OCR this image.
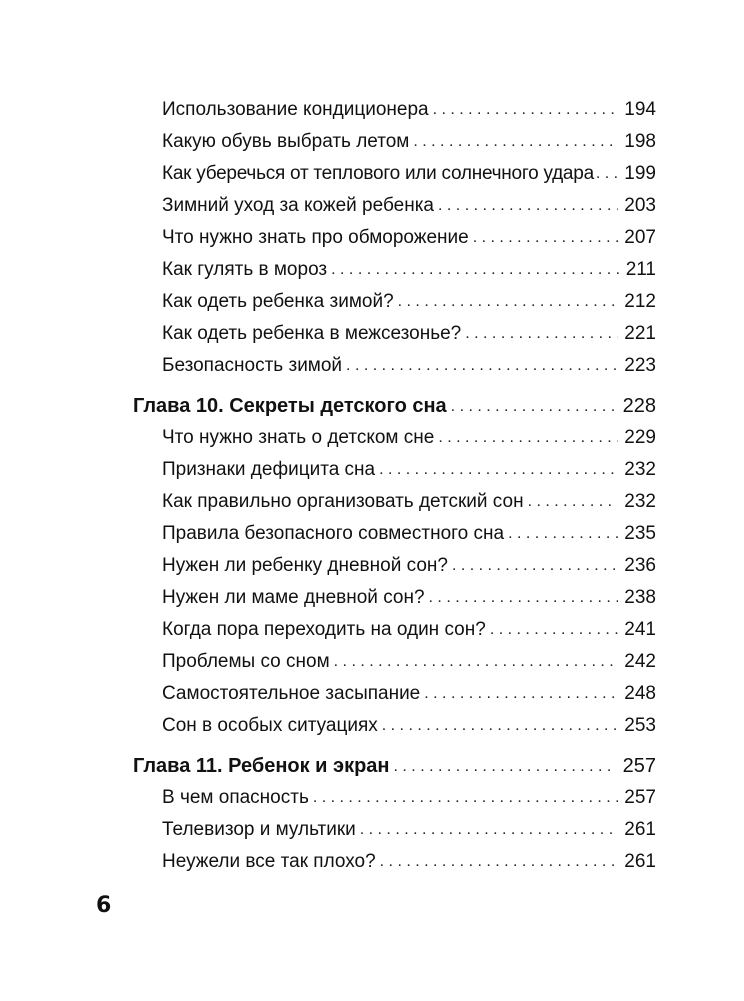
Использование кондиционера . . .	194
Какую обувь выбрать летом . . .	198
Как уберечься от теплового или солнечного удара . . . 199
Зимний уход за кожей ребенка . . .	203
Что нужно знать про обморожение . . .	207
Как гулять в мороз . . .	211
Как одеть ребенка зимой? . . .	212
Как одеть ребенка в межсезонье? . . .	221
Безопасность зимой . . .	223
Глава 10. Секреты детского сна . . .	228
Что нужно знать о детском сне . . .	229
Признаки дефицита сна . . .	232
Как правильно организовать детский сон . . .	232
Правила безопасного совместного сна . . .	235
Нужен ли ребенку дневной сон? . . .	236
Нужен ли маме дневной сон? . . .	238
Когда пора переходить на один сон? . . .	241
Проблемы со сном . . .	242
Самостоятельное засыпание . . .	248
Сон в особых ситуациях . . .	253
Глава 11. Ребенок и экран . . .	257
В чем опасность . . .	257
Телевизор и мультики . . .	261
Неужели все так плохо? . . .	261
6
